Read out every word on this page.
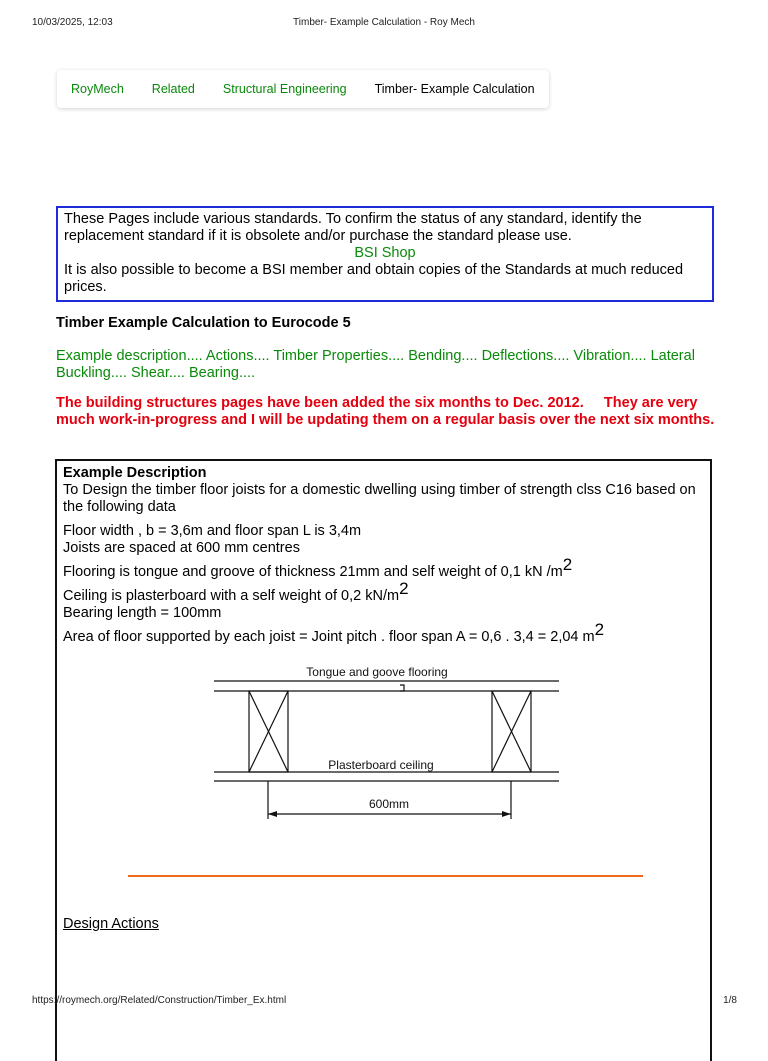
10/03/2025, 12:03	Timber- Example Calculation - Roy Mech
RoyMech	Related	Structural Engineering	Timber- Example Calculation
These Pages include various standards. To confirm the status of any standard, identify the replacement standard if it is obsolete and/or purchase the standard please use.
BSI Shop
It is also possible to become a BSI member and obtain copies of the Standards at much reduced prices.
Timber Example Calculation to Eurocode 5
Example description.... Actions.... Timber Properties.... Bending.... Deflections.... Vibration.... Lateral Buckling.... Shear.... Bearing....
The building structures pages have been added the six months to Dec. 2012.     They are very much work-in-progress and I will be updating them on a regular basis over the next six months.
Example Description
To Design the timber floor joists for a domestic dwelling using timber of strength clss C16 based on the following data
Floor width , b = 3,6m and floor span L is 3,4m
Joists are spaced at 600 mm centres
Flooring is tongue and groove of thickness 21mm and self weight of 0,1 kN $/m^2$
Ceiling is plasterboard with a self weight of 0,2 $kN/m^2$
Bearing length = 100mm
Area of floor supported by each joist = Joint pitch . floor span A = 0,6 . 3,4 = 2,04 $m^2$
Tongue and goove flooring
Plasterboard ceiling
600mm
Design Actions
https://roymech.org/Related/Construction/Timber_Ex.html	1/8
